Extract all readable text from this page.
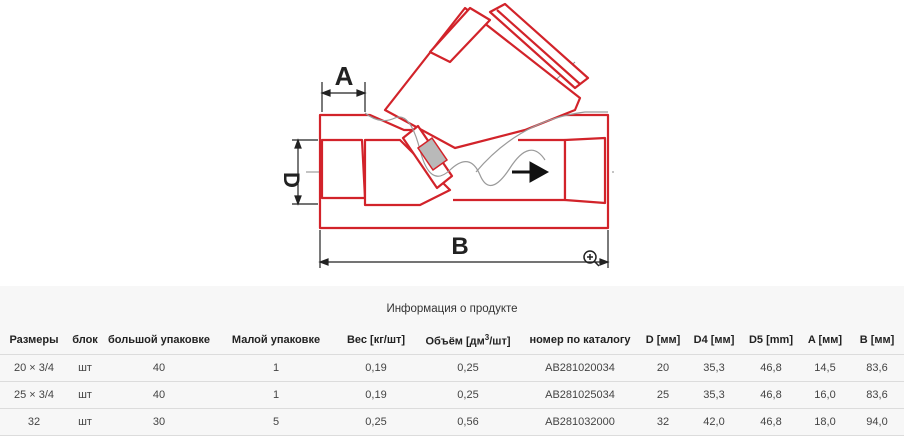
A
D
B
Информация о продукте
Размеры	блок	большой упаковке	Малой упаковке	Вес [кг/шт]	Объём $[дм^3/шт]$	номер по каталогу	D [мм]	D4 [мм]	D5 [mm]	A [мм]	B [мм]
20 × 3/4	шт	40	1	0,19	0,25	AB281020034	20	35,3	46,8	14,5	83,6
25 × 3/4	шт	40	1	0,19	0,25	AB281025034	25	35,3	46,8	16,0	83,6
32	шт	30	5	0,25	0,56	AB281032000	32	42,0	46,8	18,0	94,0
